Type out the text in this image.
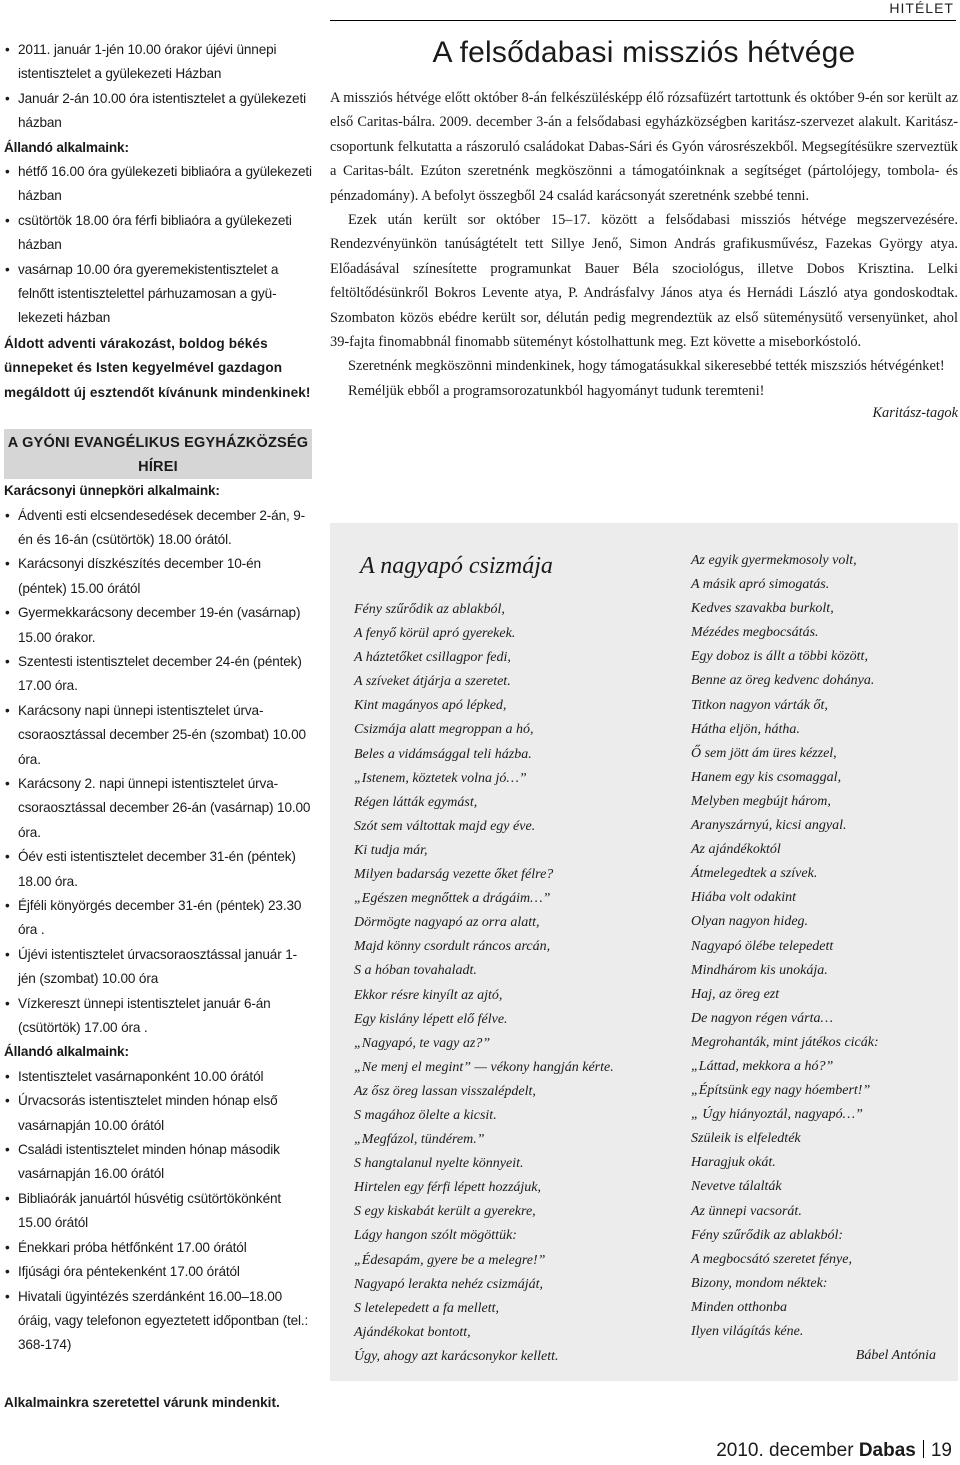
HITÉLET
• 2011. január 1-jén 10.00 órakor újévi ünnepi istentisztelet a gyülekezeti Házban
• Január 2-án 10.00 óra istentisztelet a gyülekezeti házban
Állandó alkalmaink:
• hétfő 16.00 óra gyülekezeti bibliaóra a gyülekezeti házban
• csütörtök 18.00 óra férfi bibliaóra a gyülekezeti házban
• vasárnap 10.00 óra gyeremekistentisztelet a felnőtt istentisztelettel párhuzamosan a gyülekezeti házban
Áldott adventi várakozást, boldog békés ünnepeket és Isten kegyelmével gazdagon megáldott új esztendőt kívánunk mindenkinek!
A GYÓNI EVANGÉLIKUS EGYHÁZKÖZSÉG HÍREI
Karácsonyi ünnepköri alkalmaink:
• Ádventi esti elcsendesedések december 2-án, 9-én és 16-án (csütörtök) 18.00 órától.
• Karácsonyi díszkészítés december 10-én (péntek) 15.00 órától
• Gyermekkarácsony december 19-én (vasárnap) 15.00 órakor.
• Szentesti istentisztelet december 24-én (péntek) 17.00 óra.
• Karácsony napi ünnepi istentisztelet úrvacsoraosztással december 25-én (szombat) 10.00 óra.
• Karácsony 2. napi ünnepi istentisztelet úrvacsoraosztással december 26-án (vasárnap) 10.00 óra.
• Óév esti istentisztelet december 31-én (péntek) 18.00 óra.
• Éjféli könyörgés december 31-én (péntek) 23.30 óra .
• Újévi istentisztelet úrvacsoraosztással január 1-jén (szombat) 10.00 óra
• Vízkereszt ünnepi istentisztelet január 6-án (csütörtök) 17.00 óra .
Állandó alkalmaink:
• Istentisztelet vasárnaponként 10.00 órától
• Úrvacsorás istentisztelet minden hónap első vasárnapján 10.00 órától
• Családi istentisztelet minden hónap második vasárnapján 16.00 órától
• Bibliaórák januártól húsvétig csütörtökönként 15.00 órától
• Énekkari próba hétfőnként 17.00 órától
• Ifjúsági óra péntekenként 17.00 órától
• Hivatali ügyintézés szerdánként 16.00–18.00 óráig, vagy telefonon egyeztetett időpontban (tel.: 368-174)
Alkalmainkra szeretettel várunk mindenkit.
A felsődabasi missziós hétvége

A missziós hétvége előtt október 8-án felkészülésképp élő rózsafüzért tartottunk és október 9-én sor került az első Caritas-bálra. 2009. december 3-án a felsődabasi egyházközségben karitász-szervezet alakult. Karitász-csoportunk felkutatta a rászoruló családokat Dabas-Sári és Gyón városrészekből. Megsegítésükre szerveztük a Caritas-bált. Ezúton szeretnénk megköszönni a támogatóinknak a segítséget (pártolójegy, tombola- és pénzadomány). A befolyt összegből 24 család karácsonyát szeretnénk szebbé tenni.

Ezek után került sor október 15–17. között a felsődabasi missziós hétvége megszervezésére. Rendezvényünkön tanúságtételt tett Sillye Jenő, Simon András grafikusművész, Fazekas György atya. Előadásával színesítette programunkat Bauer Béla szociológus, illetve Dobos Krisztina. Lelki feltöltődésünkről Bokros Levente atya, P. Andrásfalvy János atya és Hernádi László atya gondoskodtak. Szombaton közös ebédre került sor, délután pedig megrendeztük az első süteménysütő versenyünket, ahol 39-fajta finomabbnál finomabb süteményt kóstolhattunk meg. Ezt követte a miseborkóstoló.

Szeretnénk megköszönni mindenkinek, hogy támogatásukkal sikeresebbé tették miszsziós hétvégénket!

Reméljük ebből a programsorozatunkból hagyományt tudunk teremteni!

Karitász-tagok
A nagyapó csizmája
Fény szűrődik az ablakból,
A fenyő körül apró gyerekek.
A háztetőket csillagpor fedi,
A szíveket átjárja a szeretet.
Kint magányos apó lépked,
Csizmája alatt megroppan a hó,
Beles a vidámsággal teli házba.
„Istenem, köztetek volna jó…”
Régen látták egymást,
Szót sem váltottak majd egy éve.
Ki tudja már,
Milyen badarság vezette őket félre?
„Egészen megnőttek a drágáim…”
Dörmögte nagyapó az orra alatt,
Majd könny csordult ráncos arcán,
S a hóban tovahaladt.
Ekkor résre kinyílt az ajtó,
Egy kislány lépett elő félve.
„Nagyapó, te vagy az?”
„Ne menj el megint” — vékony hangján kérte.
Az ősz öreg lassan visszalépdelt,
S magához ölelte a kicsit.
„Megfázol, tündérem.”
S hangtalanul nyelte könnyeit.
Hirtelen egy férfi lépett hozzájuk,
S egy kiskabát került a gyerekre,
Lágy hangon szólt mögöttük:
„Édesapám, gyere be a melegre!”
Nagyapó lerakta nehéz csizmáját,
S letelepedett a fa mellett,
Ajándékokat bontott,
Úgy, ahogy azt karácsonykor kellett.
Az egyik gyermekmosoly volt,
A másik apró simogatás.
Kedves szavakba burkolt,
Mézédes megbocsátás.
Egy doboz is állt a többi között,
Benne az öreg kedvenc dohánya.
Titkon nagyon várták őt,
Hátha eljön, hátha.
Ő sem jött ám üres kézzel,
Hanem egy kis csomaggal,
Melyben megbújt három,
Aranyszárnyú, kicsi angyal.
Az ajándékoktól
Átmelegedtek a szívek.
Hiába volt odakint
Olyan nagyon hideg.
Nagyapó ölébe telepedett
Mindhárom kis unokája.
Haj, az öreg ezt
De nagyon régen várta…
Megrohanták, mint játékos cicák:
„Láttad, mekkora a hó?”
„Építsünk egy nagy hóembert!”
„ Úgy hiányoztál, nagyapó…”
Szüleik is elfeledték
Haragjuk okát.
Nevetve tálalták
Az ünnepi vacsorát.
Fény szűrődik az ablakból:
A megbocsátó szeretet fénye,
Bizony, mondom néktek:
Minden otthonba
Ilyen világítás kéne.
Bábel Antónia
2010. december Dabas 19
